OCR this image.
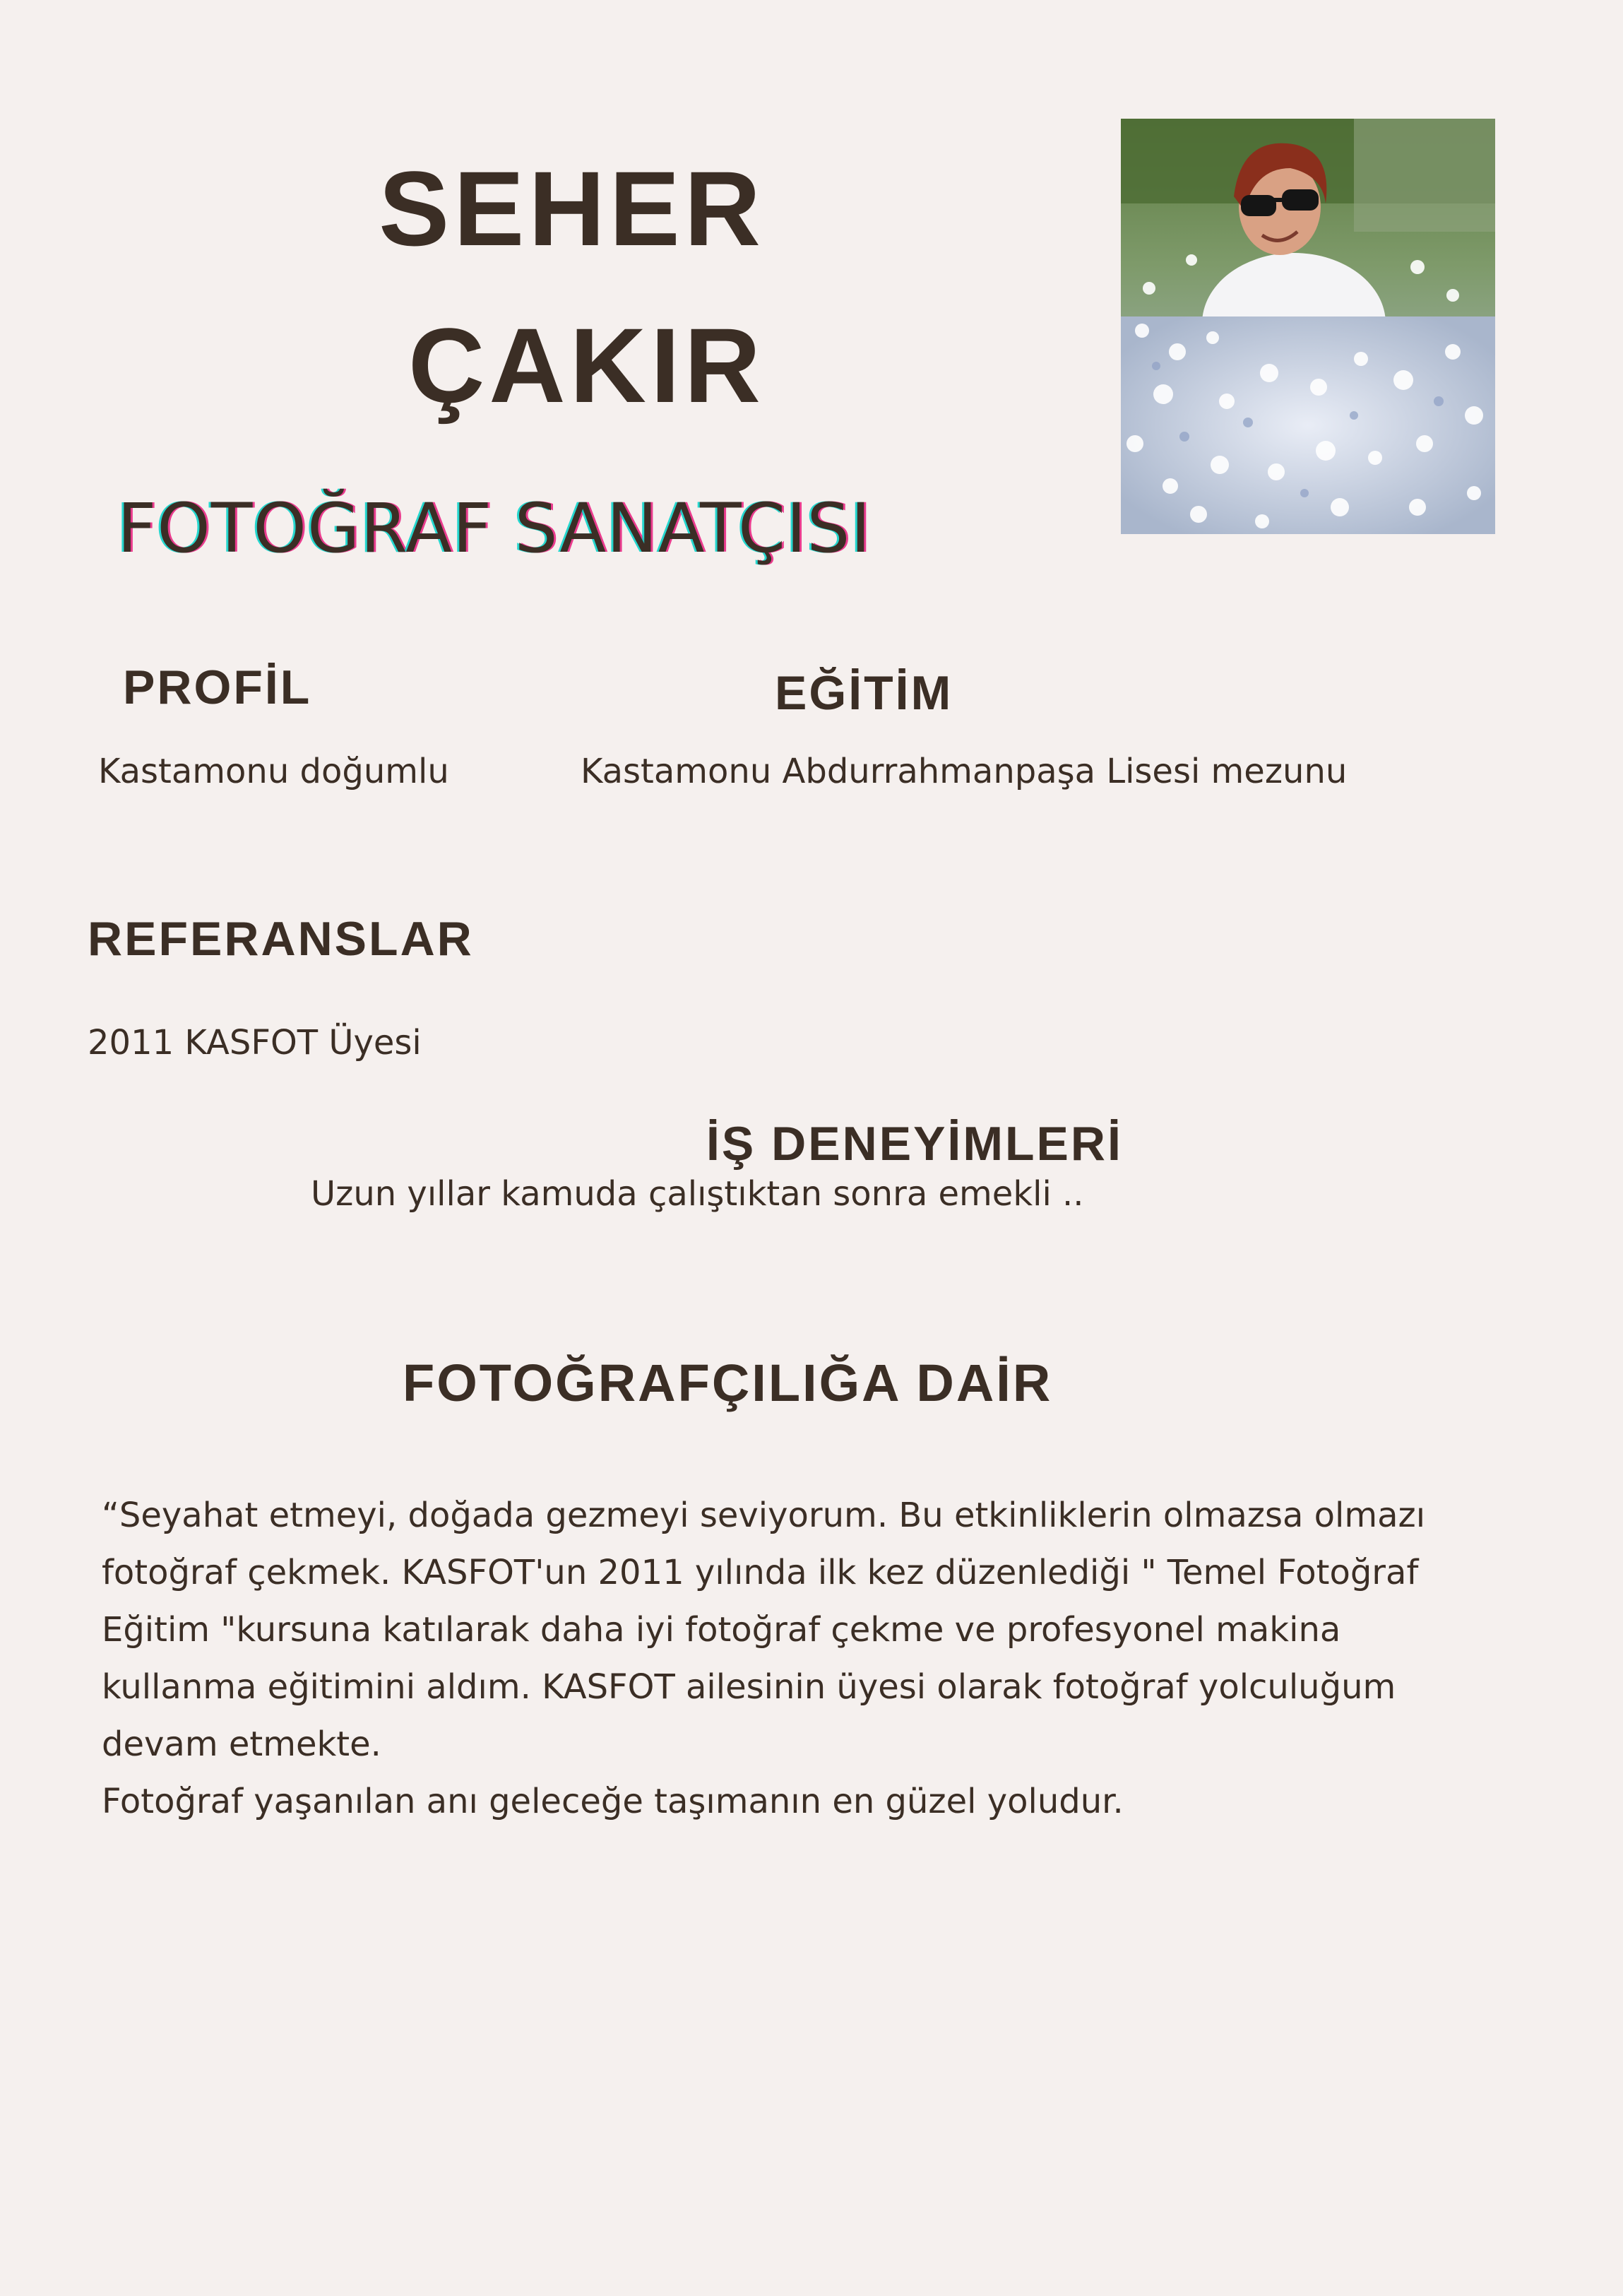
SEHER
ÇAKIR
FOTOĞRAF SANATÇISI
PROFİL
Kastamonu doğumlu
EĞİTİM
Kastamonu Abdurrahmanpaşa Lisesi mezunu
REFERANSLAR
2011 KASFOT Üyesi
İŞ DENEYİMLERİ
Uzun yıllar kamuda çalıştıktan sonra emekli ..
FOTOĞRAFÇILIĞA DAİR

“Seyahat etmeyi, doğada gezmeyi seviyorum. Bu etkinliklerin olmazsa olmazı
fotoğraf çekmek. KASFOT'un 2011 yılında ilk kez düzenlediği " Temel Fotoğraf
Eğitim "kursuna katılarak daha iyi fotoğraf çekme ve profesyonel makina
kullanma eğitimini aldım. KASFOT ailesinin üyesi olarak fotoğraf yolculuğum
devam etmekte.
Fotoğraf yaşanılan anı geleceğe taşımanın en güzel yoludur.
